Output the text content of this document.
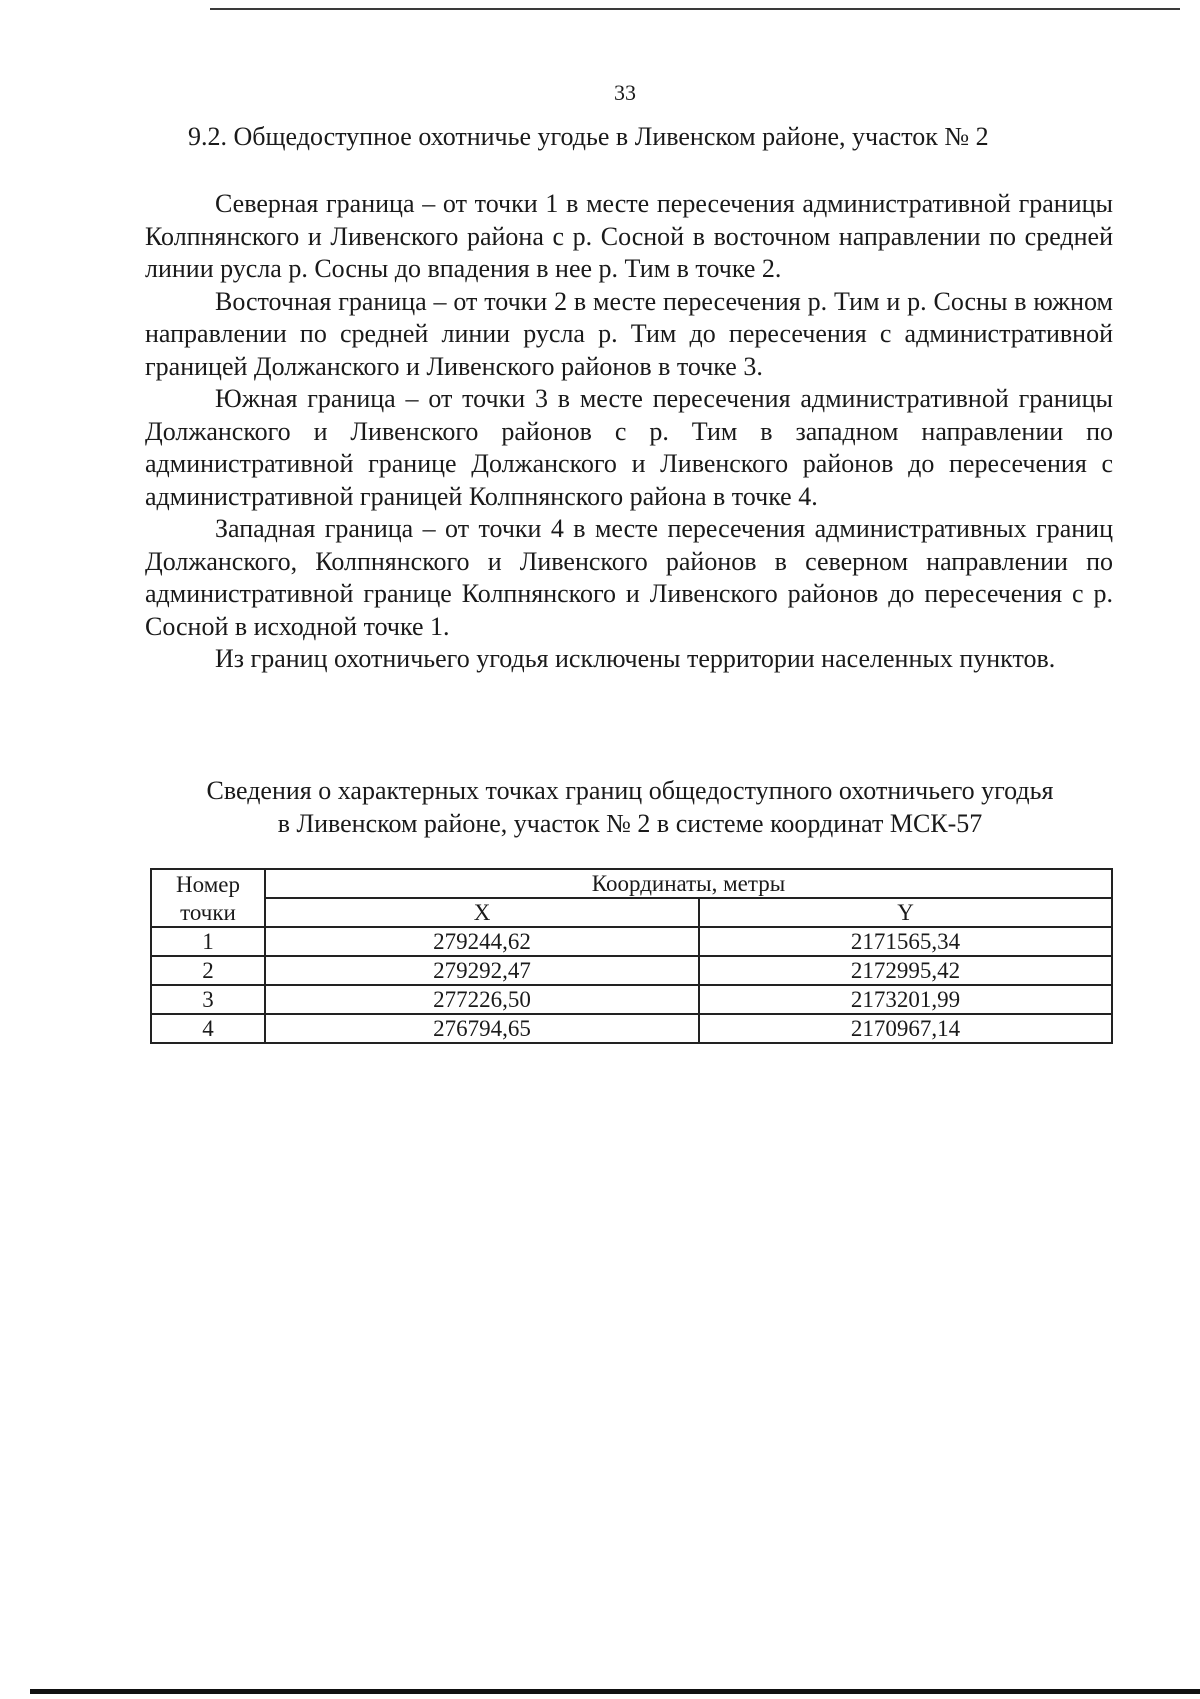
33
9.2. Общедоступное охотничье угодье в Ливенском районе, участок № 2

Северная граница – от точки 1 в месте пересечения административной границы Колпнянского и Ливенского района с р. Сосной в восточном направлении по средней линии русла р. Сосны до впадения в нее р. Тим в точке 2.

Восточная граница – от точки 2 в месте пересечения р. Тим и р. Сосны в южном направлении по средней линии русла р. Тим до пересечения с административной границей Должанского и Ливенского районов в точке 3.

Южная граница – от точки 3 в месте пересечения административной границы Должанского и Ливенского районов с р. Тим в западном направлении по административной границе Должанского и Ливенского районов до пересечения с административной границей Колпнянского района в точке 4.

Западная граница – от точки 4 в месте пересечения административных границ Должанского, Колпнянского и Ливенского районов в северном направлении по административной границе Колпнянского и Ливенского районов до пересечения с р. Сосной в исходной точке 1.

Из границ охотничьего угодья исключены территории населенных пунктов.

Сведения о характерных точках границ общедоступного охотничьего угодья
в Ливенском районе, участок № 2 в системе координат МСК-57
Номер	Координаты, метры	
точки	X	Y
1	279244,62	2171565,34
2	279292,47	2172995,42
3	277226,50	2173201,99
4	276794,65	2170967,14
